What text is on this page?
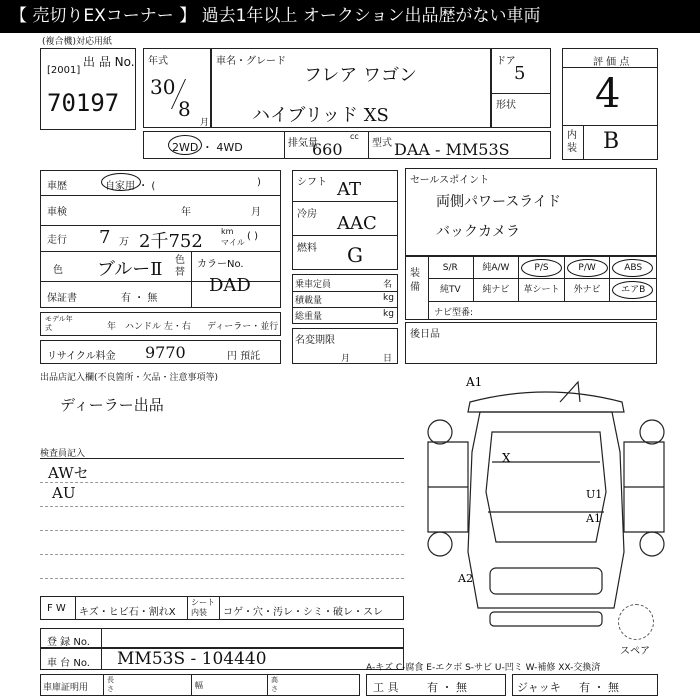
【 売切りEXコーナー 】 過去1年以上 オークション出品歴がない車両
(複合機)対応用紙
[2001]
出 品 No.
70197
年式
30
8
月
車名・グレード
フレア ワゴン
ハイブリッド XS
ドア
5
形状
評 価 点
4
内装 B
2WD ・ 4WD	排気量
cc
660	型式 DAA - MM53S
車歴	自家用 ・ (	)
車検	年	月
走行 7 万 2千752 km
マイル
( )
色 ブルーⅡ 色替
カラーNo.
DAD
保証書	有 ・ 無
モデル年式	年 ハンドル 左・右 ディーラー・並行
リサイクル料金 9770	円 預託
シフト AT
冷房 AAC
燃料 G
乗車定員	名
積載量	kg
総重量	kg
名変期限
月	日
セールスポイント
両側パワースライド
バックカメラ
装備
S/R	純A/W	P/S	P/W	ABS
純TV	純ナビ	革シート	外ナビ	エアB
ナビ型番:
後日品
出品店記入欄(不良箇所・欠品・注意事項等)
ディーラー出品
検査員記入
AWセ
AU
A1
X
U1
A1
A2
スペア
F W キズ・ヒビ石・割れX
シート内装	コゲ・穴・汚レ・シミ・破レ・スレ
登 録 No.
車 台 No. MM53S - 104440	A-キズ C-腐食 E-エクボ S-サビ U-凹ミ W-補修 XX-交換済
車庫証明用
長さ	幅
高さ	工 具	有 ・ 無	ジャッキ 有 ・ 無
